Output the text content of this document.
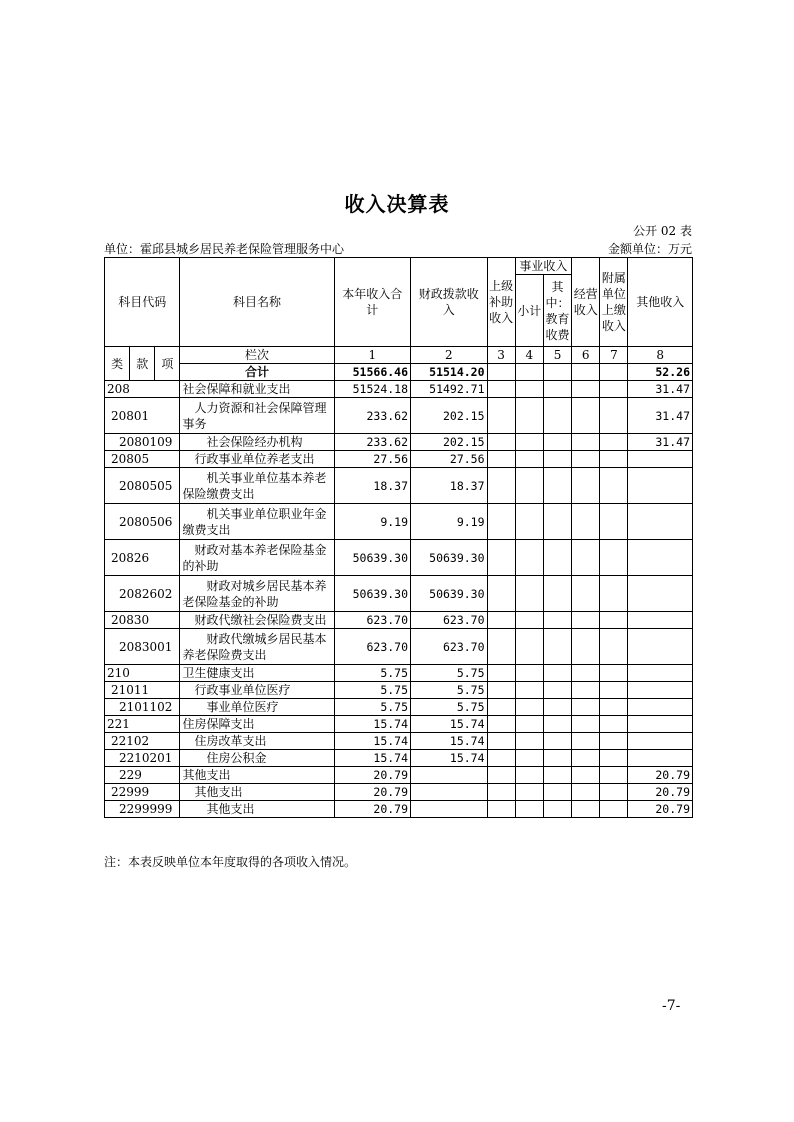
收入决算表
公开 02 表
单位：霍邱县城乡居民养老保险管理服务中心	金额单位：万元
科目代码			科目名称	本年收入合计	财政拨款收入	上级补助收入	事业收入		经营收入	附属单位上缴收入	其他收入
							小计	其中：教育收费			
类	款	项	栏次	1	2	3	4	5	6	7	8
			合计	51566.46	51514.20						52.26
208			社会保障和就业支出	51524.18	51492.71						31.47
20801			人力资源和社会保障管理事务	233.62	202.15						31.47
2080109			社会保险经办机构	233.62	202.15						31.47
20805			行政事业单位养老支出	27.56	27.56						
2080505			机关事业单位基本养老保险缴费支出	18.37	18.37						
2080506			机关事业单位职业年金缴费支出	9.19	9.19						
20826			财政对基本养老保险基金的补助	50639.30	50639.30						
2082602			财政对城乡居民基本养老保险基金的补助	50639.30	50639.30						
20830			财政代缴社会保险费支出	623.70	623.70						
2083001			财政代缴城乡居民基本养老保险费支出	623.70	623.70						
210			卫生健康支出	5.75	5.75						
21011			行政事业单位医疗	5.75	5.75						
2101102			事业单位医疗	5.75	5.75						
221			住房保障支出	15.74	15.74						
22102			住房改革支出	15.74	15.74						
2210201			住房公积金	15.74	15.74						
229			其他支出	20.79							20.79
22999			其他支出	20.79							20.79
2299999			其他支出	20.79							20.79
注：本表反映单位本年度取得的各项收入情况。
-7-
